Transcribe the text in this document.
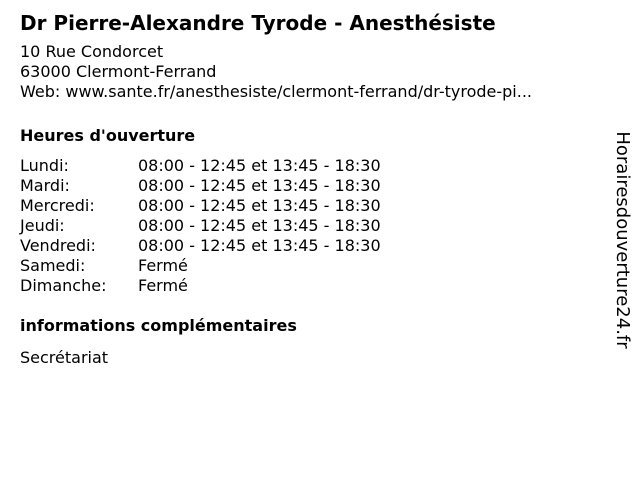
Dr Pierre-Alexandre Tyrode - Anesthésiste
10 Rue Condorcet
63000 Clermont-Ferrand
Web: www.sante.fr/anesthesiste/clermont-ferrand/dr-tyrode-pi...
Heures d'ouverture
Lundi:	08:00 - 12:45 et 13:45 - 18:30
Mardi:	08:00 - 12:45 et 13:45 - 18:30
Mercredi:	08:00 - 12:45 et 13:45 - 18:30
Jeudi:	08:00 - 12:45 et 13:45 - 18:30
Vendredi:	08:00 - 12:45 et 13:45 - 18:30
Samedi:	Fermé
Dimanche:	Fermé
informations complémentaires
Secrétariat
Horairesdouverture24.fr
